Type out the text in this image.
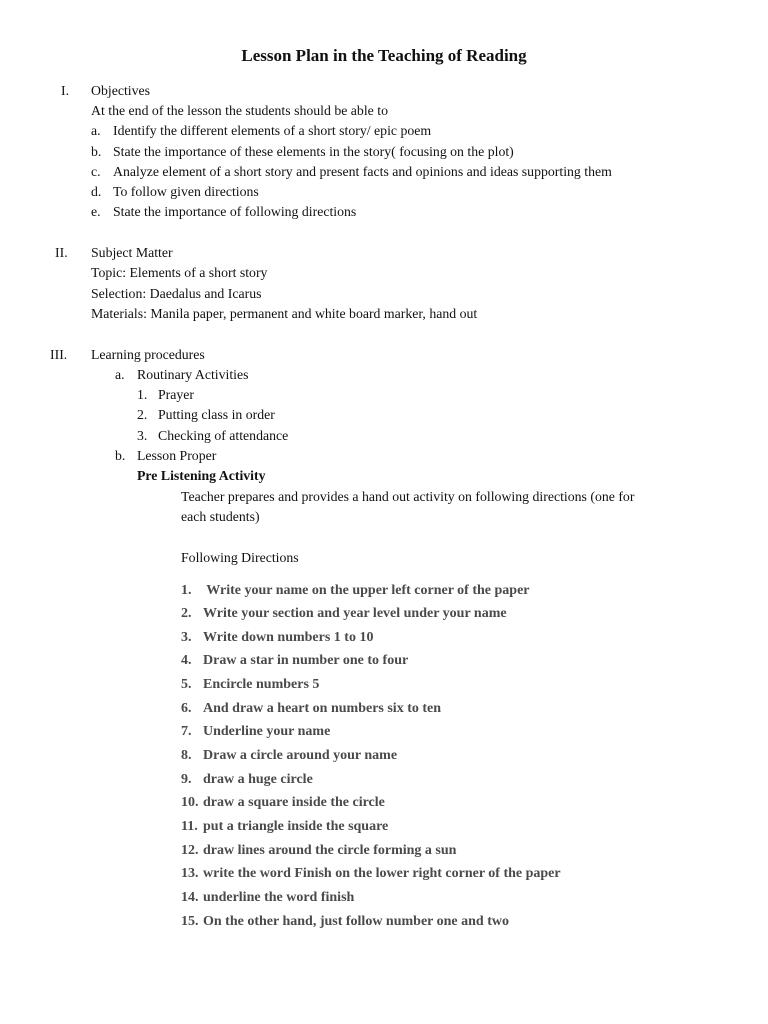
Lesson Plan in the Teaching of Reading
I. Objectives
At the end of the lesson the students should be able to
a. Identify the different elements of a short story/ epic poem
b. State the importance of these elements in the story( focusing on the plot)
c. Analyze element of a short story and present facts and opinions and ideas supporting them
d. To follow given directions
e. State the importance of following directions
II. Subject Matter
Topic: Elements of a short story
Selection: Daedalus and Icarus
Materials: Manila paper, permanent and white board marker, hand out
III. Learning procedures
a. Routinary Activities
1. Prayer
2. Putting class in order
3. Checking of attendance
b. Lesson Proper
Pre Listening Activity
Teacher prepares and provides a hand out activity on following directions (one for
each students)
Following Directions
1. Write your name on the upper left corner of the paper
2. Write your section and year level under your name
3. Write down numbers 1 to 10
4. Draw a star in number one to four
5. Encircle numbers 5
6. And draw a heart on numbers six to ten
7. Underline your name
8. Draw a circle around your name
9. draw a huge circle
10. draw a square inside the circle
11. put a triangle inside the square
12. draw lines around the circle forming a sun
13. write the word Finish on the lower right corner of the paper
14. underline the word finish
15. On the other hand, just follow number one and two
